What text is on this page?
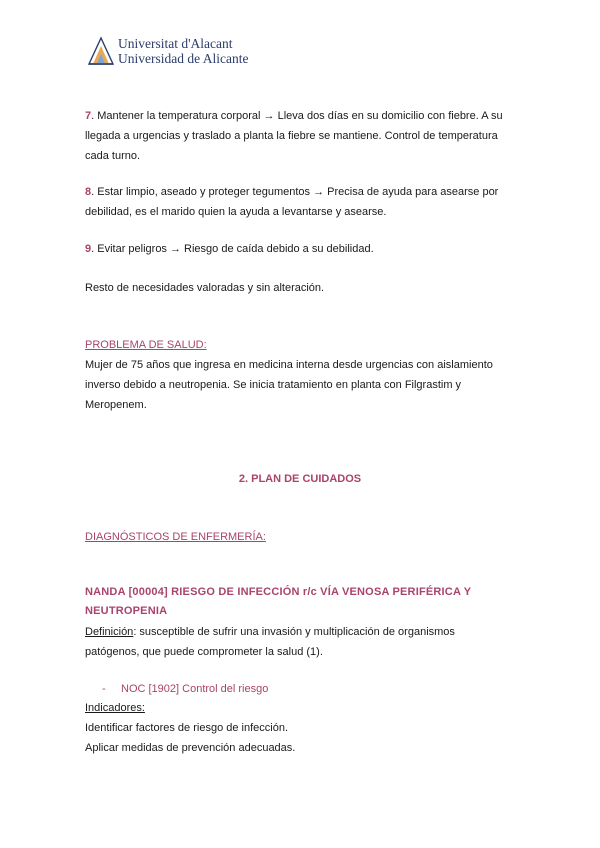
Universitat d'Alacant
Universidad de Alicante
7. Mantener la temperatura corporal → Lleva dos días en su domicilio con fiebre. A su
llegada a urgencias y traslado a planta la fiebre se mantiene. Control de temperatura
cada turno.
8. Estar limpio, aseado y proteger tegumentos → Precisa de ayuda para asearse por
debilidad, es el marido quien la ayuda a levantarse y asearse.
9. Evitar peligros → Riesgo de caída debido a su debilidad.
Resto de necesidades valoradas y sin alteración.
PROBLEMA DE SALUD:
Mujer de 75 años que ingresa en medicina interna desde urgencias con aislamiento
inverso debido a neutropenia. Se inicia tratamiento en planta con Filgrastim y
Meropenem.
2. PLAN DE CUIDADOS
DIAGNÓSTICOS DE ENFERMERÍA:
NANDA [00004] RIESGO DE INFECCIÓN r/c VÍA VENOSA PERIFÉRICA Y
NEUTROPENIA
Definición: susceptible de sufrir una invasión y multiplicación de organismos
patógenos, que puede comprometer la salud (1).
- NOC [1902] Control del riesgo
Indicadores:
Identificar factores de riesgo de infección.
Aplicar medidas de prevención adecuadas.
